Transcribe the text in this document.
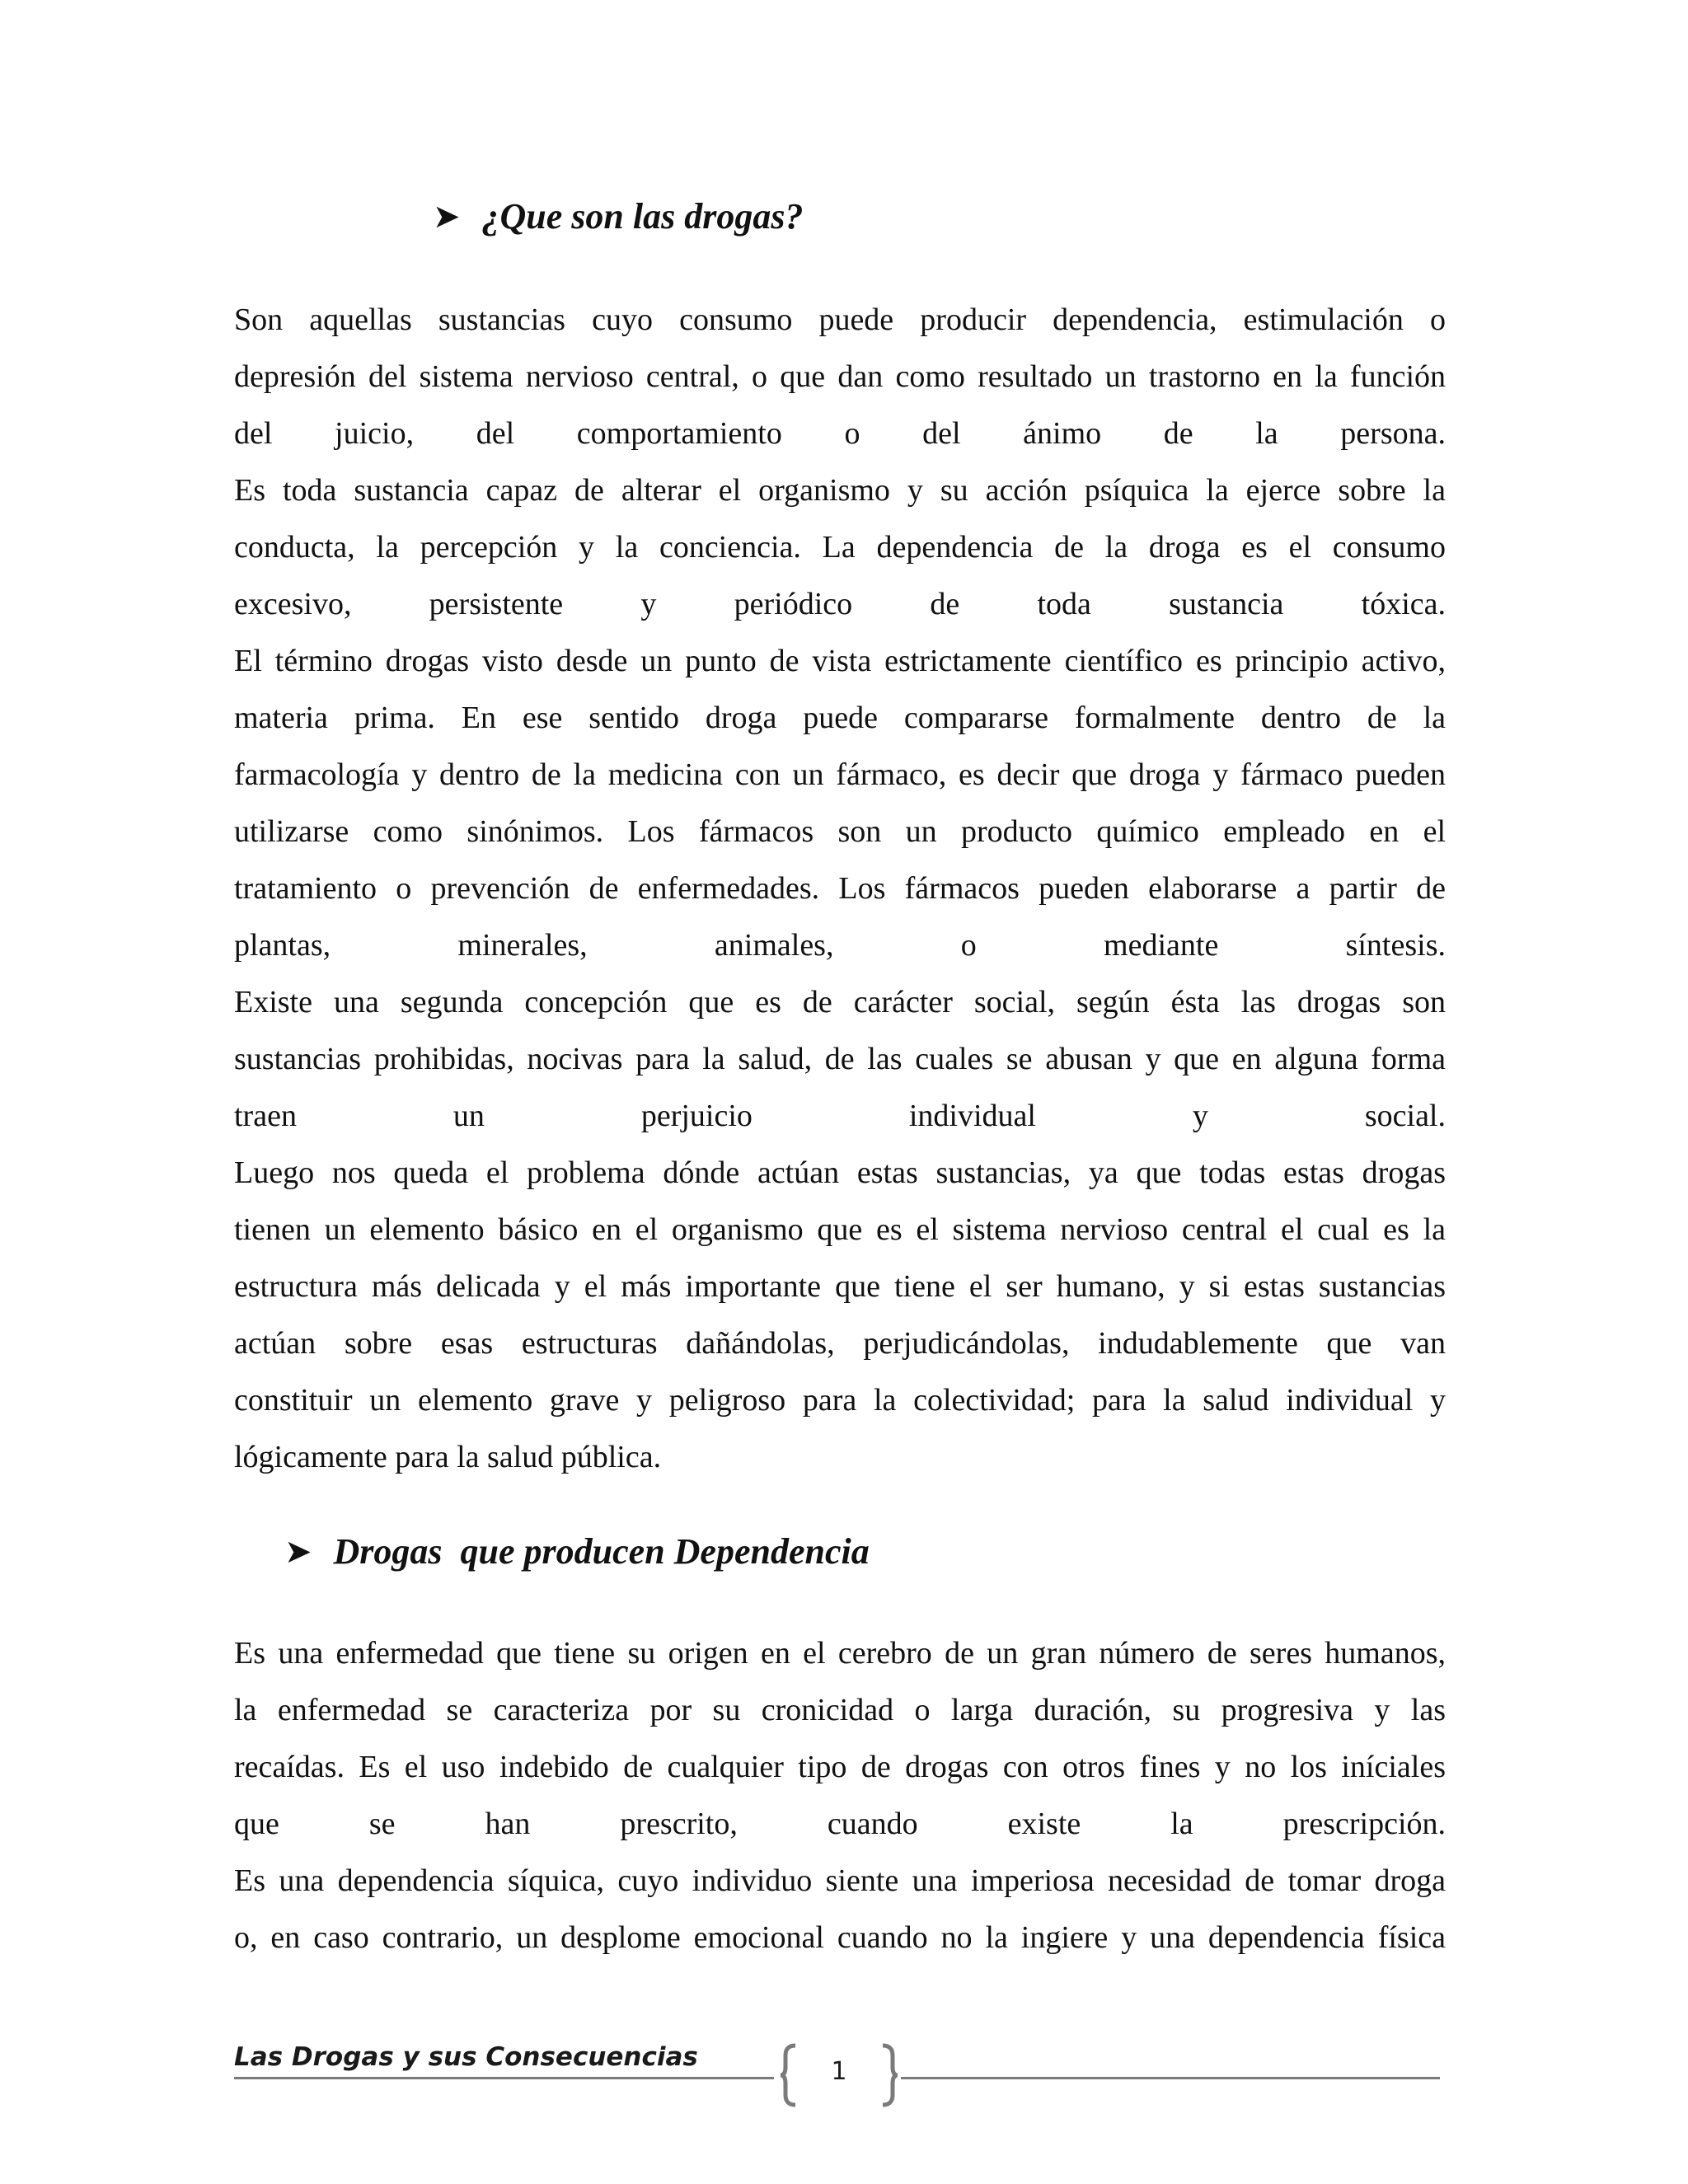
➤ ¿Que son las drogas?
Son aquellas sustancias cuyo consumo puede producir dependencia, estimulación o
depresión del sistema nervioso central, o que dan como resultado un trastorno en la función
del juicio, del comportamiento o del ánimo de la persona.
Es toda sustancia capaz de alterar el organismo y su acción psíquica la ejerce sobre la
conducta, la percepción y la conciencia. La dependencia de la droga es el consumo
excesivo, persistente y periódico de toda sustancia tóxica.
El término drogas visto desde un punto de vista estrictamente científico es principio activo,
materia prima. En ese sentido droga puede compararse formalmente dentro de la
farmacología y dentro de la medicina con un fármaco, es decir que droga y fármaco pueden
utilizarse como sinónimos. Los fármacos son un producto químico empleado en el
tratamiento o prevención de enfermedades. Los fármacos pueden elaborarse a partir de
plantas, minerales, animales, o mediante síntesis.
Existe una segunda concepción que es de carácter social, según ésta las drogas son
sustancias prohibidas, nocivas para la salud, de las cuales se abusan y que en alguna forma
traen un perjuicio individual y social.
Luego nos queda el problema dónde actúan estas sustancias, ya que todas estas drogas
tienen un elemento básico en el organismo que es el sistema nervioso central el cual es la
estructura más delicada y el más importante que tiene el ser humano, y si estas sustancias
actúan sobre esas estructuras dañándolas, perjudicándolas, indudablemente que van
constituir un elemento grave y peligroso para la colectividad; para la salud individual y
lógicamente para la salud pública.
➤ Drogas  que producen Dependencia
Es una enfermedad que tiene su origen en el cerebro de un gran número de seres humanos,
la enfermedad se caracteriza por su cronicidad o larga duración, su progresiva y las
recaídas. Es el uso indebido de cualquier tipo de drogas con otros fines y no los iníciales
que se han prescrito, cuando existe la prescripción.
Es una dependencia síquica, cuyo individuo siente una imperiosa necesidad de tomar droga
o, en caso contrario, un desplome emocional cuando no la ingiere y una dependencia física
Las Drogas y sus Consecuencias	1
